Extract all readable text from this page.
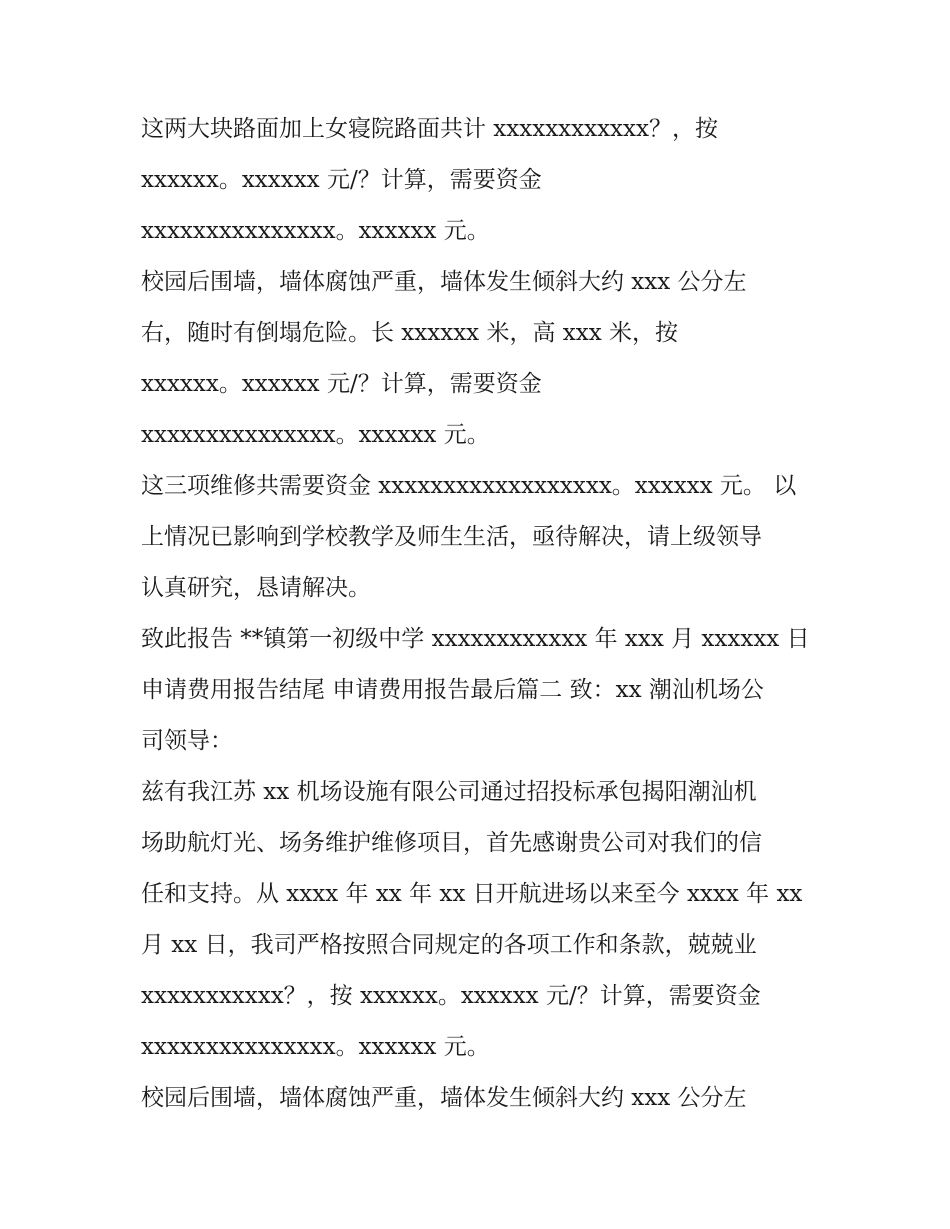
这两大块路面加上女寝院路面共计 xxxxxxxxxxxx？，按
xxxxxx。xxxxxx 元/？计算，需要资金
xxxxxxxxxxxxxxx。xxxxxx 元。
校园后围墙，墙体腐蚀严重，墙体发生倾斜大约 xxx 公分左
右，随时有倒塌危险。长 xxxxxx 米，高 xxx 米，按
xxxxxx。xxxxxx 元/？计算，需要资金
xxxxxxxxxxxxxxx。xxxxxx 元。
这三项维修共需要资金 xxxxxxxxxxxxxxxxxx。xxxxxx 元。 以
上情况已影响到学校教学及师生生活，亟待解决，请上级领导
认真研究，恳请解决。
致此报告 **镇第一初级中学 xxxxxxxxxxxx 年 xxx 月 xxxxxx 日
申请费用报告结尾 申请费用报告最后篇二 致：xx 潮汕机场公
司领导：
兹有我江苏 xx 机场设施有限公司通过招投标承包揭阳潮汕机
场助航灯光、场务维护维修项目，首先感谢贵公司对我们的信
任和支持。从 xxxx 年 xx 年 xx 日开航进场以来至今 xxxx 年 xx
月 xx 日，我司严格按照合同规定的各项工作和条款，兢兢业
xxxxxxxxxxx？，按 xxxxxx。xxxxxx 元/？计算，需要资金
xxxxxxxxxxxxxxx。xxxxxx 元。
校园后围墙，墙体腐蚀严重，墙体发生倾斜大约 xxx 公分左
